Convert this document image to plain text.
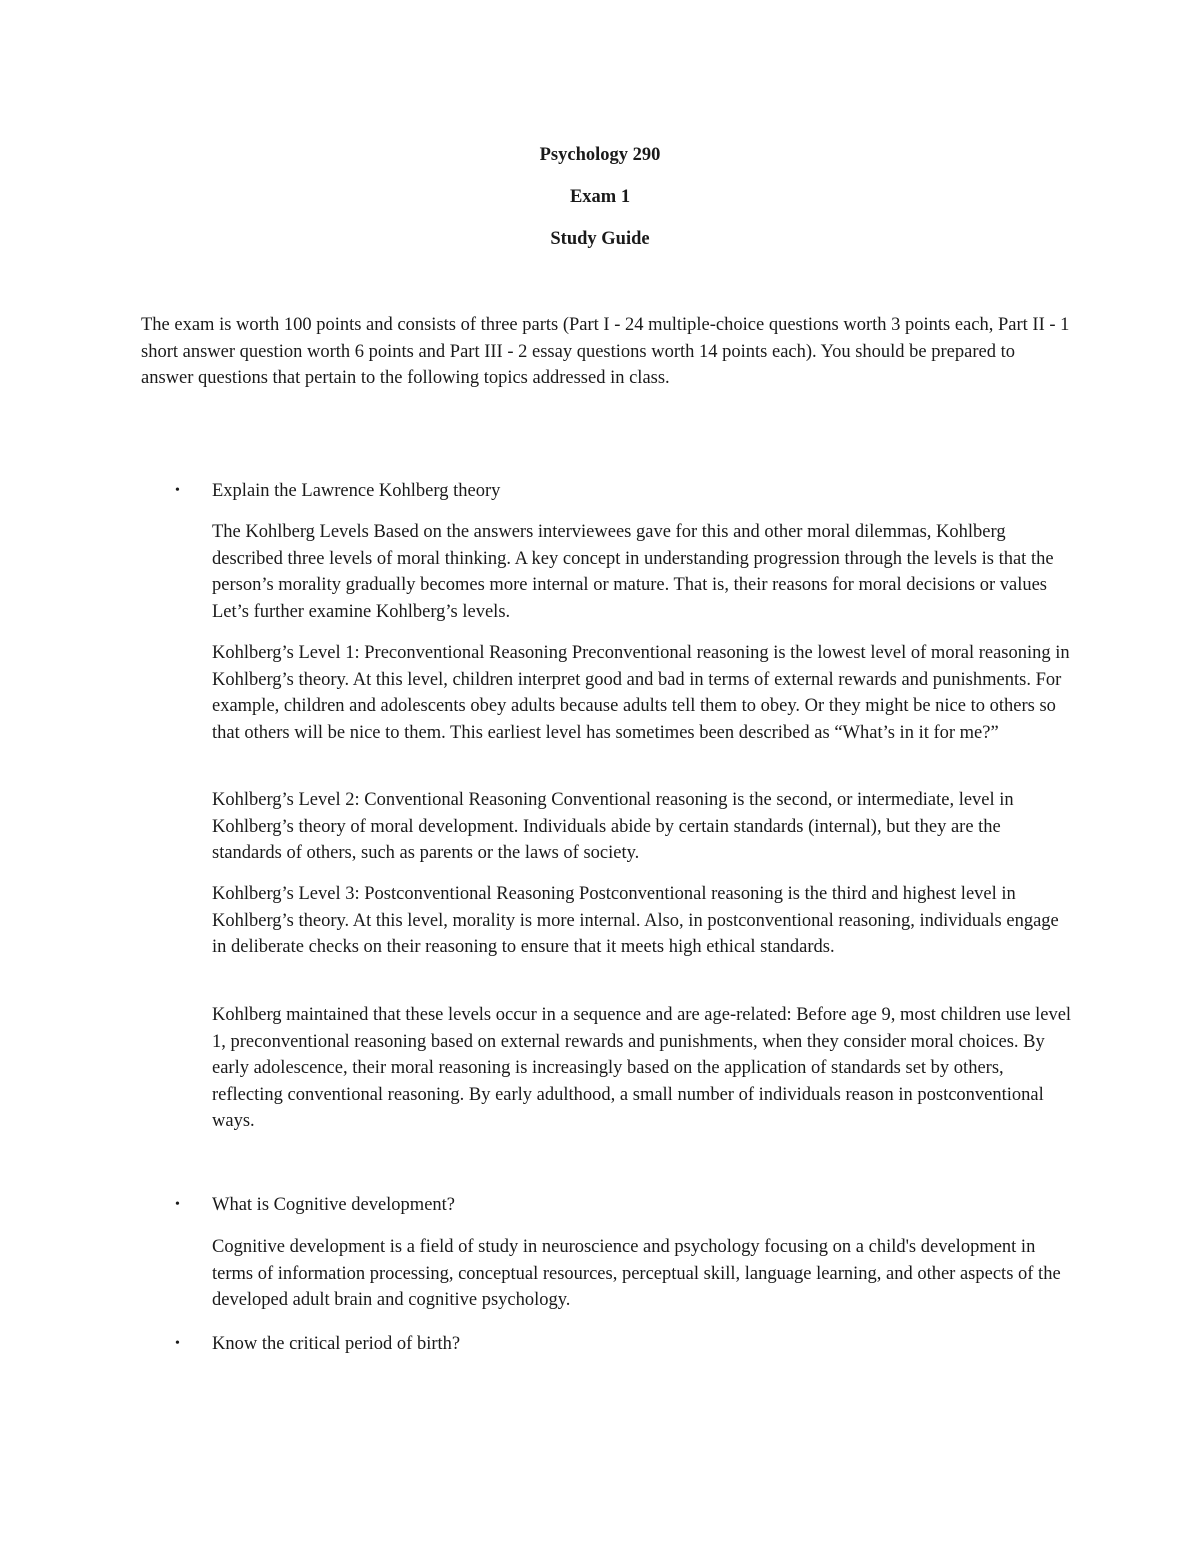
Psychology 290

Exam 1

Study Guide

The exam is worth 100 points and consists of three parts (Part I - 24 multiple-choice questions worth 3 points each, Part II - 1 short answer question worth 6 points and Part III - 2 essay questions worth 14 points each). You should be prepared to answer questions that pertain to the following topics addressed in class.

•	Explain the Lawrence Kohlberg theory

The Kohlberg Levels Based on the answers interviewees gave for this and other moral dilemmas, Kohlberg described three levels of moral thinking. A key concept in understanding progression through the levels is that the person’s morality gradually becomes more internal or mature. That is, their reasons for moral decisions or values Let’s further examine Kohlberg’s levels.

Kohlberg’s Level 1: Preconventional Reasoning Preconventional reasoning is the lowest level of moral reasoning in Kohlberg’s theory. At this level, children interpret good and bad in terms of external rewards and punishments. For example, children and adolescents obey adults because adults tell them to obey. Or they might be nice to others so that others will be nice to them. This earliest level has sometimes been described as “What’s in it for me?”

Kohlberg’s Level 2: Conventional Reasoning Conventional reasoning is the second, or intermediate, level in Kohlberg’s theory of moral development. Individuals abide by certain standards (internal), but they are the standards of others, such as parents or the laws of society.

Kohlberg’s Level 3: Postconventional Reasoning Postconventional reasoning is the third and highest level in Kohlberg’s theory. At this level, morality is more internal. Also, in postconventional reasoning, individuals engage in deliberate checks on their reasoning to ensure that it meets high ethical standards.

Kohlberg maintained that these levels occur in a sequence and are age-related: Before age 9, most children use level 1, preconventional reasoning based on external rewards and punishments, when they consider moral choices. By early adolescence, their moral reasoning is increasingly based on the application of standards set by others, reflecting conventional reasoning. By early adulthood, a small number of individuals reason in postconventional ways.

•	What is Cognitive development?

Cognitive development is a field of study in neuroscience and psychology focusing on a child's development in terms of information processing, conceptual resources, perceptual skill, language learning, and other aspects of the developed adult brain and cognitive psychology.

•	Know the critical period of birth?
